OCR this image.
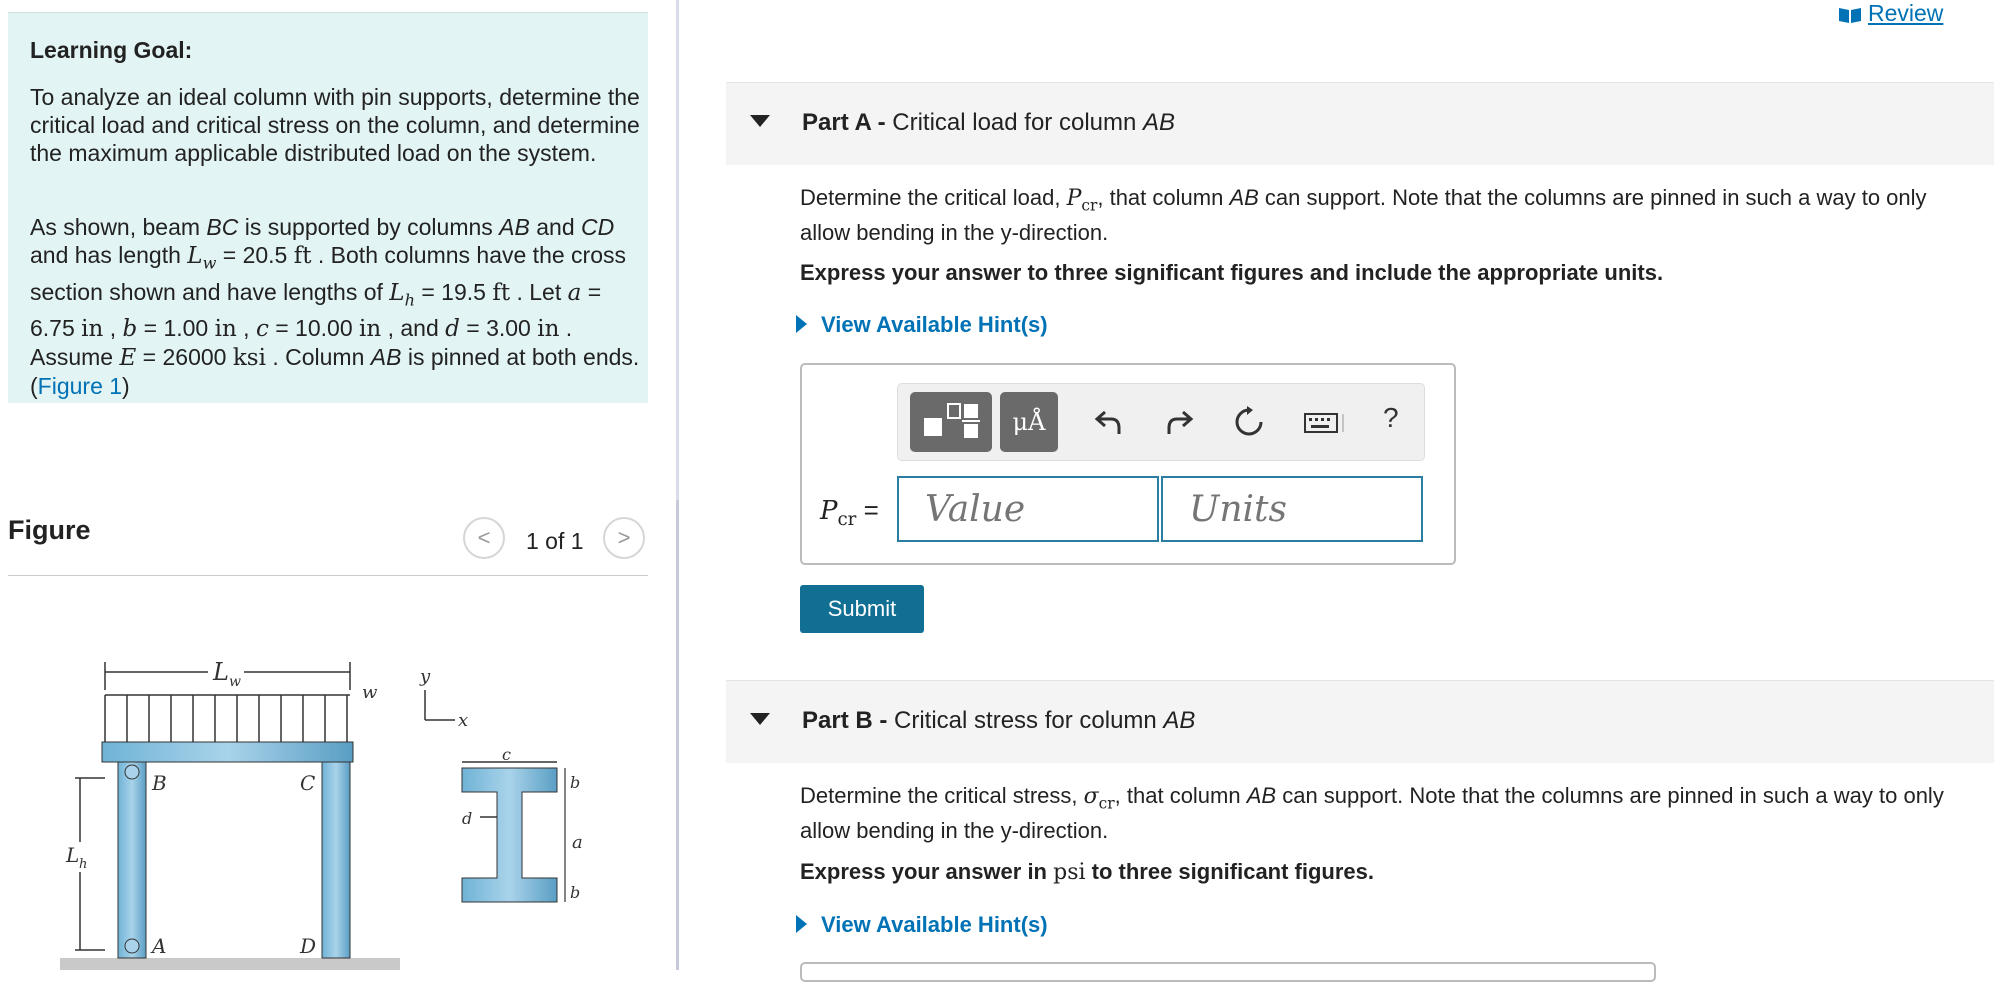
Learning Goal:

To analyze an ideal column with pin supports, determine the critical load and critical stress on the column, and determine the maximum applicable distributed load on the system.

As shown, beam BC is supported by columns AB and CD and has length $L_w = 20.5$ ft . Both columns have the cross section shown and have lengths of $L_h = 19.5$ ft . Let a = 6.75 in , b = 1.00 in , c = 10.00 in , and d = 3.00 in . Assume E = 26000 ksi . Column AB is pinned at both ends.(Figure 1)

Figure	<	1 of 1	>
L w	w
y
x
B
A
C
D
L h
c
d
b
a
b
Review
Part A - Critical load for column AB

Determine the critical load, $P_{cr}$, that column AB can support. Note that the columns are pinned in such a way to only allow bending in the y-direction.

Express your answer to three significant figures and include the appropriate units.
View Available Hint(s)
μÅ	?
$P_{cr}$ =
Value
Units
Submit
Part B - Critical stress for column AB

Determine the critical stress, $\sigma_{cr}$, that column AB can support. Note that the columns are pinned in such a way to only allow bending in the y-direction.

Express your answer in psi to three significant figures.
View Available Hint(s)
